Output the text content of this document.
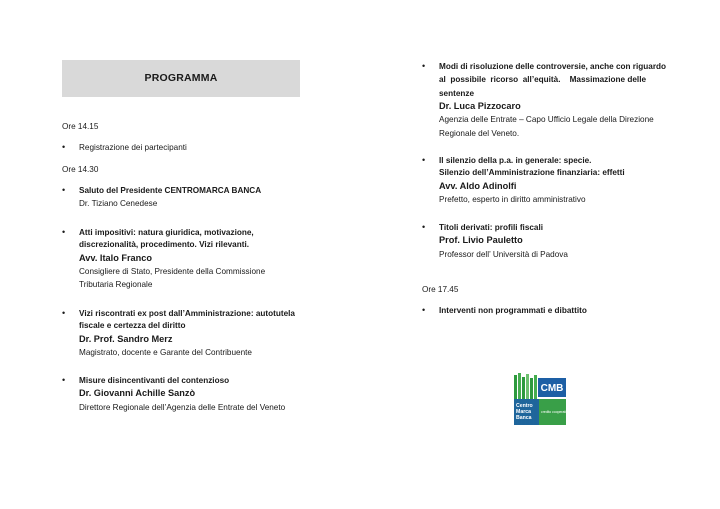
PROGRAMMA
Ore 14.15
• Registrazione dei partecipanti
Ore 14.30
• Saluto del Presidente CENTROMARCA BANCA
Dr. Tiziano Cenedese
• Atti impositivi: natura giuridica, motivazione,
discrezionalità, procedimento. Vizi rilevanti.
Avv. Italo Franco
Consigliere di Stato, Presidente della Commissione
Tributaria Regionale
• Vizi riscontrati ex post dall’Amministrazione: autotutela
fiscale e certezza del diritto
Dr. Prof. Sandro Merz
Magistrato, docente e Garante del Contribuente
• Misure disincentivanti del contenzioso
Dr. Giovanni Achille Sanzò
Direttore Regionale dell’Agenzia delle Entrate del Veneto
• Modi di risoluzione delle controversie, anche con riguardo
al  possibile  ricorso  all’equità.    Massimazione delle
sentenze
Dr. Luca Pizzocaro
Agenzia delle Entrate – Capo Ufficio Legale della Direzione
Regionale del Veneto.
• Il silenzio della p.a. in generale: specie.
Silenzio dell’Amministrazione finanziaria: effetti
Avv. Aldo Adinolfi
Prefetto, esperto in diritto amministrativo
• Titoli derivati: profili fiscali
Prof. Livio Pauletto
Professor dell’ Università di Padova
Ore 17.45
• Interventi non programmati e dibattito
CMB
Centro
Marca
Banca
credito cooperativo
